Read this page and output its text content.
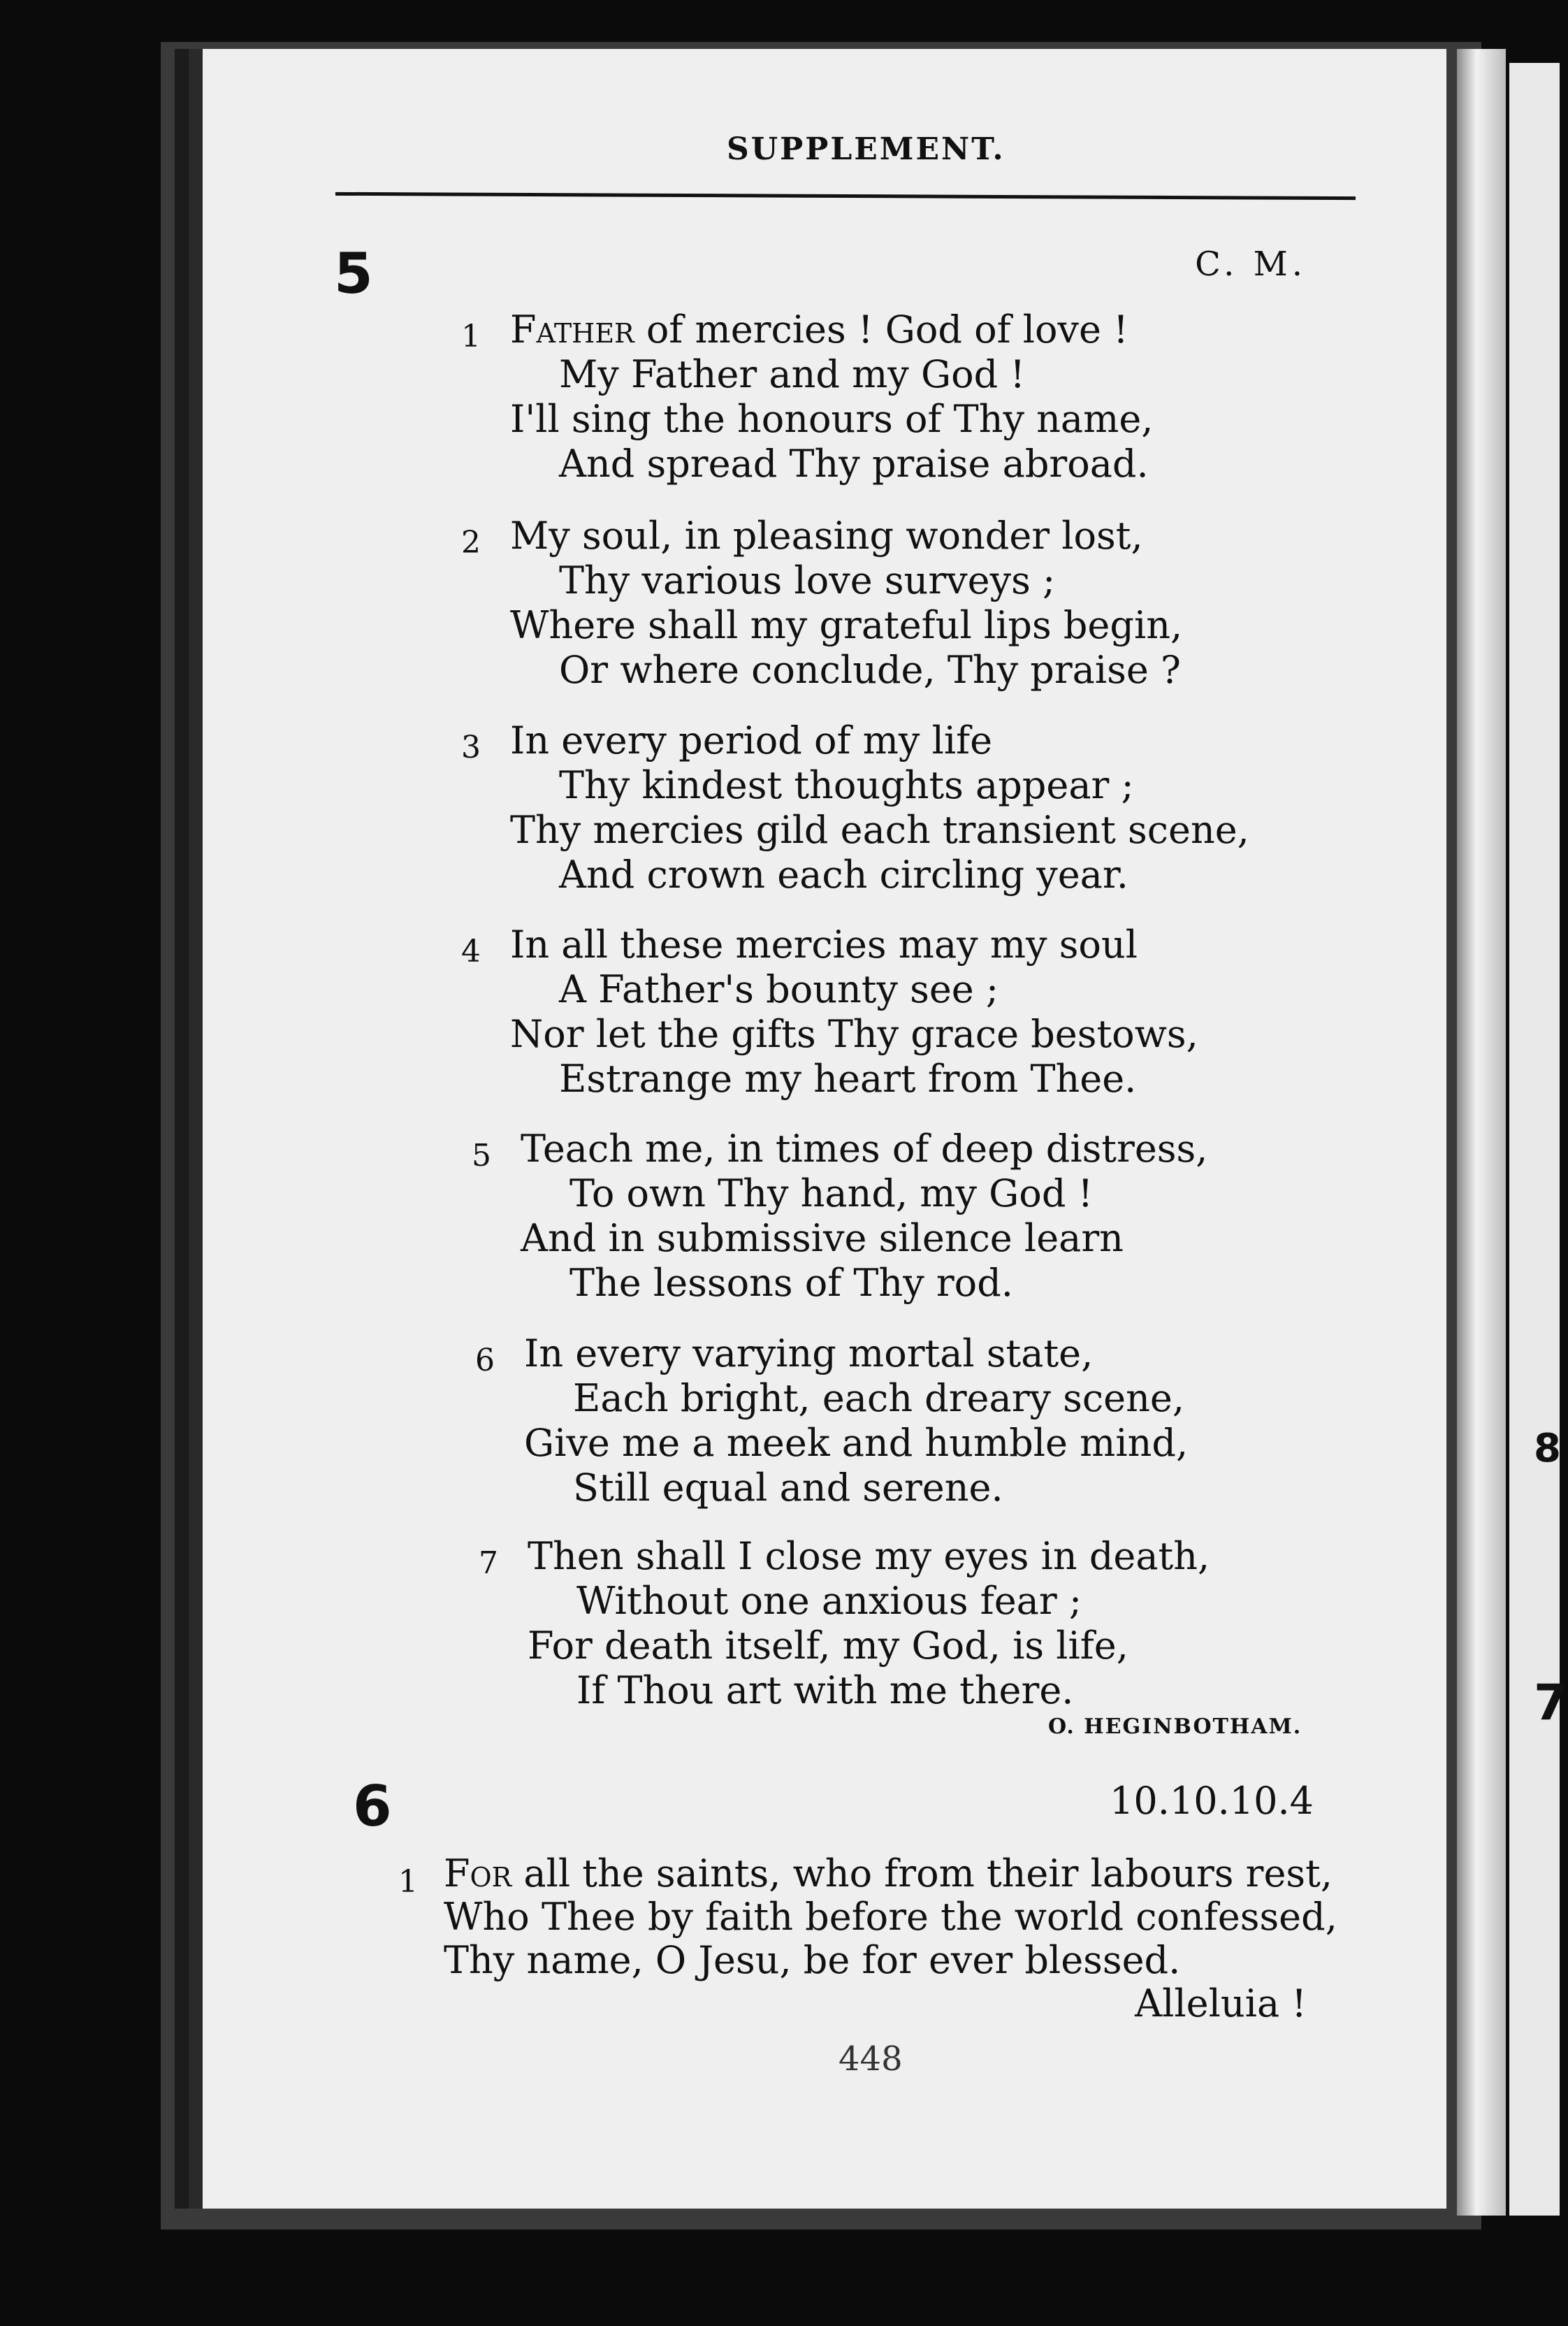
8
7
SUPPLEMENT.
5	C. M.
1 Father of mercies ! God of love !
My Father and my God !
I'll sing the honours of Thy name,
And spread Thy praise abroad.
2 My soul, in pleasing wonder lost,
Thy various love surveys ;
Where shall my grateful lips begin,
Or where conclude, Thy praise ?
3 In every period of my life
Thy kindest thoughts appear ;
Thy mercies gild each transient scene,
And crown each circling year.
4 In all these mercies may my soul
A Father's bounty see ;
Nor let the gifts Thy grace bestows,
Estrange my heart from Thee.
5 Teach me, in times of deep distress,
To own Thy hand, my God !
And in submissive silence learn
The lessons of Thy rod.
6 In every varying mortal state,
Each bright, each dreary scene,
Give me a meek and humble mind,
Still equal and serene.
7 Then shall I close my eyes in death,
Without one anxious fear ;
For death itself, my God, is life,
If Thou art with me there.
O. HEGINBOTHAM.
6	10.10.10.4
1 For all the saints, who from their labours rest,
Who Thee by faith before the world confessed,
Thy name, O Jesu, be for ever blessed.
Alleluia !
448
